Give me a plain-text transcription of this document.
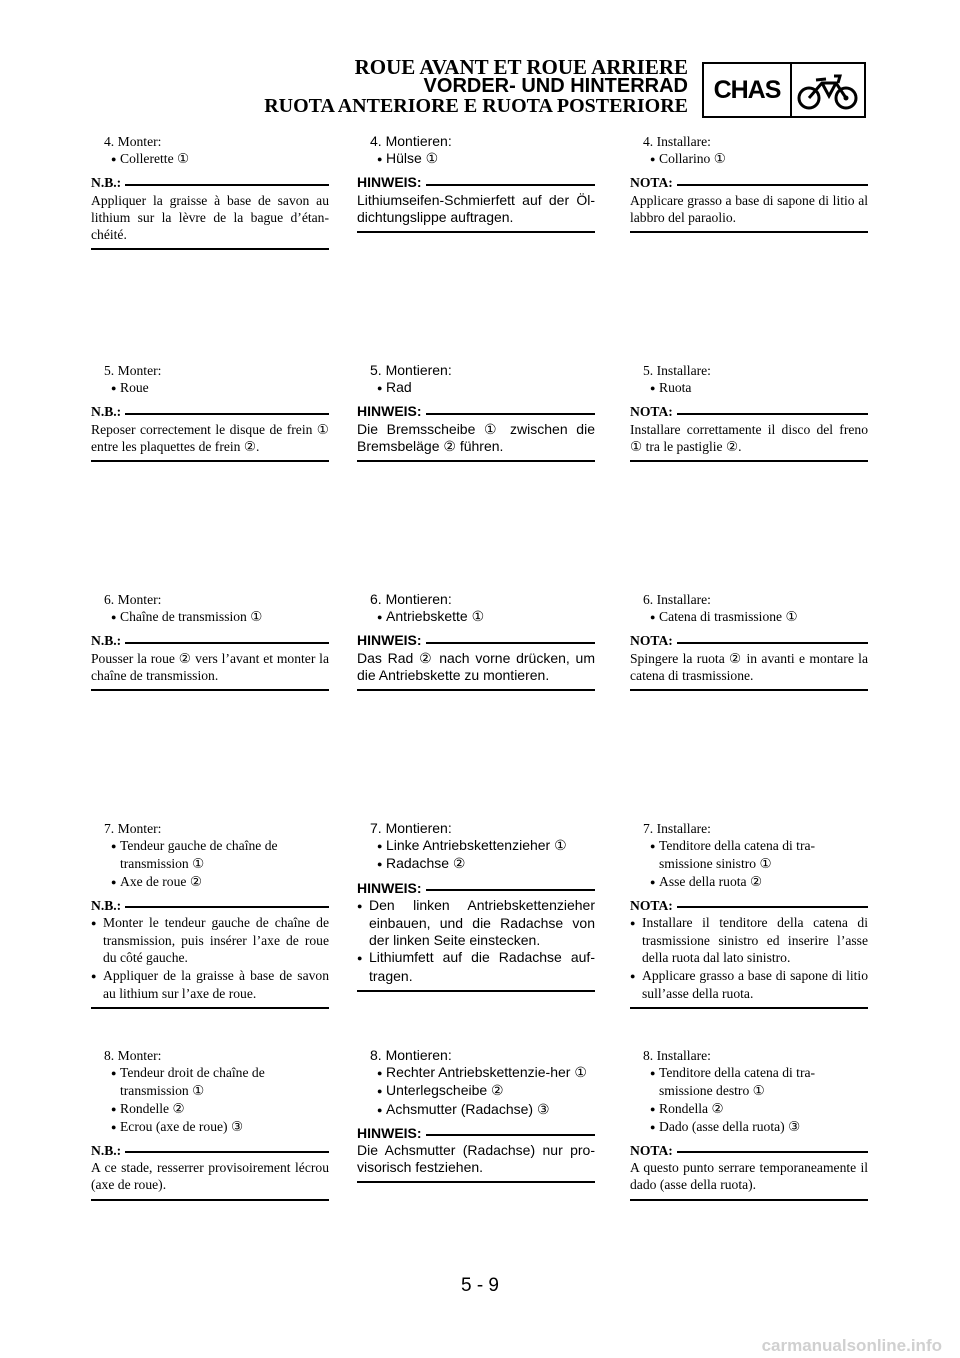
ROUE AVANT ET ROUE ARRIERE
VORDER- UND HINTERRAD
RUOTA ANTERIORE E RUOTA POSTERIORE
CHAS
4. Monter:
● Collerette ①
N.B.:
Appliquer la graisse à base de savon au lithium sur la lèvre de la bague d’étan-chéité.
5. Monter:
● Roue
N.B.:
Reposer correctement le disque de frein ① entre les plaquettes de frein ②.
6. Monter:
● Chaîne de transmission ①
N.B.:
Pousser la roue ② vers l’avant et monter la chaîne de transmission.
7. Monter:
● Tendeur gauche de chaîne de transmission ①
● Axe de roue ②
N.B.:
● Monter le tendeur gauche de chaîne de transmission, puis insérer l’axe de roue du côté gauche.
● Appliquer de la graisse à base de savon au lithium sur l’axe de roue.
8. Monter:
● Tendeur droit de chaîne de transmission ①
● Rondelle ②
● Ecrou (axe de roue) ③
N.B.:
A ce stade, resserrer provisoirement lécrou (axe de roue).
4. Montieren:
● Hülse ①
HINWEIS:
Lithiumseifen-Schmierfett auf der Öl-dichtungslippe auftragen.
5. Montieren:
● Rad
HINWEIS:
Die Bremsscheibe ① zwischen die Bremsbeläge ② führen.
6. Montieren:
● Antriebskette ①
HINWEIS:
Das Rad ② nach vorne drücken, um die Antriebskette zu montieren.
7. Montieren:
● Linke Antriebskettenzieher ①
● Radachse ②
HINWEIS:
● Den linken Antriebskettenzieher einbauen, und die Radachse von der linken Seite einstecken.
● Lithiumfett auf die Radachse auf-tragen.
8. Montieren:
● Rechter Antriebskettenzie-her ①
● Unterlegscheibe ②
● Achsmutter (Radachse) ③
HINWEIS:
Die Achsmutter (Radachse) nur pro-visorisch festziehen.
4. Installare:
● Collarino ①
NOTA:
Applicare grasso a base di sapone di litio al labbro del paraolio.
5. Installare:
● Ruota
NOTA:
Installare correttamente il disco del freno ① tra le pastiglie ②.
6. Installare:
● Catena di trasmissione ①
NOTA:
Spingere la ruota ② in avanti e montare la catena di trasmissione.
7. Installare:
● Tenditore della catena di tra-smissione sinistro ①
● Asse della ruota ②
NOTA:
● Installare il tenditore della catena di trasmissione sinistro ed inserire l’asse della ruota dal lato sinistro.
● Applicare grasso a base di sapone di litio sull’asse della ruota.
8. Installare:
● Tenditore della catena di tra-smissione destro ①
● Rondella ②
● Dado (asse della ruota) ③
NOTA:
A questo punto serrare temporaneamente il dado (asse della ruota).
5 - 9
carmanualsonline.info
